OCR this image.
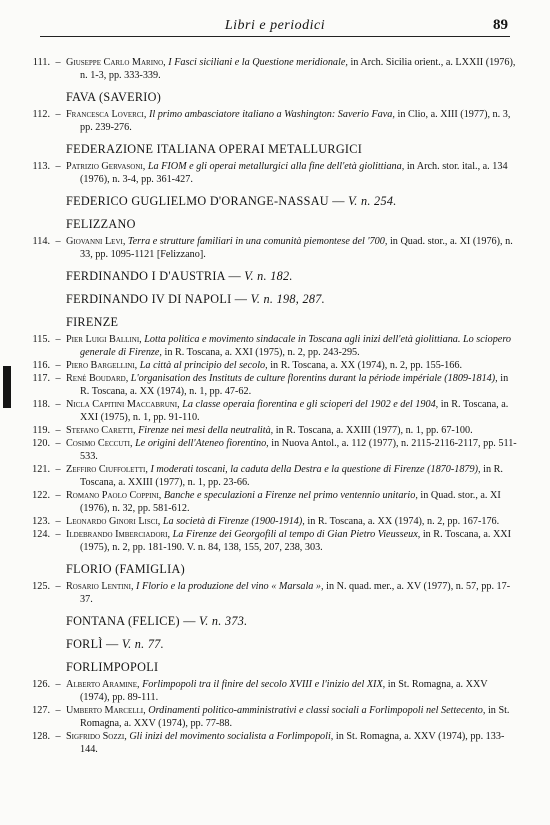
Libri e periodici	89
111. – Giuseppe Carlo Marino, I Fasci siciliani e la Questione meridionale, in Arch. Sicilia orient., a. LXXII (1976), n. 1-3, pp. 333-339.
FAVA (SAVERIO)
112. – Francesca Loverci, Il primo ambasciatore italiano a Washington: Saverio Fava, in Clio, a. XIII (1977), n. 3, pp. 239-276.
FEDERAZIONE ITALIANA OPERAI METALLURGICI
113. – Patrizio Gervasoni, La FIOM e gli operai metallurgici alla fine dell'età giolittiana, in Arch. stor. ital., a. 134 (1976), n. 3-4, pp. 361-427.
FEDERICO GUGLIELMO D'ORANGE-NASSAU — V. n. 254.
FELIZZANO
114. – Giovanni Levi, Terra e strutture familiari in una comunità piemontese del '700, in Quad. stor., a. XI (1976), n. 33, pp. 1095-1121 [Felizzano].
FERDINANDO I D'AUSTRIA — V. n. 182.
FERDINANDO IV DI NAPOLI — V. n. 198, 287.
FIRENZE
115. – Pier Luigi Ballini, Lotta politica e movimento sindacale in Toscana agli inizi dell'età giolittiana. Lo sciopero generale di Firenze, in R. Toscana, a. XXI (1975), n. 2, pp. 243-295.
116. – Piero Bargellini, La città al principio del secolo, in R. Toscana, a. XX (1974), n. 2, pp. 155-166.
117. – René Boudard, L'organisation des Instituts de culture florentins durant la période impériale (1809-1814), in R. Toscana, a. XX (1974), n. 1, pp. 47-62.
118. – Nicla Capitini Maccabruni, La classe operaia fiorentina e gli scioperi del 1902 e del 1904, in R. Toscana, a. XXI (1975), n. 1, pp. 91-110.
119. – Stefano Caretti, Firenze nei mesi della neutralità, in R. Toscana, a. XXIII (1977), n. 1, pp. 67-100.
120. – Cosimo Ceccuti, Le origini dell'Ateneo fiorentino, in Nuova Antol., a. 112 (1977), n. 2115-2116-2117, pp. 511-533.
121. – Zeffiro Ciuffoletti, I moderati toscani, la caduta della Destra e la questione di Firenze (1870-1879), in R. Toscana, a. XXIII (1977), n. 1, pp. 23-66.
122. – Romano Paolo Coppini, Banche e speculazioni a Firenze nel primo ventennio unitario, in Quad. stor., a. XI (1976), n. 32, pp. 581-612.
123. – Leonardo Ginori Lisci, La società di Firenze (1900-1914), in R. Toscana, a. XX (1974), n. 2, pp. 167-176.
124. – Ildebrando Imberciadori, La Firenze dei Georgofili al tempo di Gian Pietro Vieusseux, in R. Toscana, a. XXI (1975), n. 2, pp. 181-190. V. n. 84, 138, 155, 207, 238, 303.
FLORIO (FAMIGLIA)
125. – Rosario Lentini, I Florio e la produzione del vino « Marsala », in N. quad. mer., a. XV (1977), n. 57, pp. 17-37.
FONTANA (FELICE) — V. n. 373.
FORLÌ — V. n. 77.
FORLIMPOPOLI
126. – Alberto Aramine, Forlimpopoli tra il finire del secolo XVIII e l'inizio del XIX, in St. Romagna, a. XXV (1974), pp. 89-111.
127. – Umberto Marcelli, Ordinamenti politico-amministrativi e classi sociali a Forlimpopoli nel Settecento, in St. Romagna, a. XXV (1974), pp. 77-88.
128. – Sigfrido Sozzi, Gli inizi del movimento socialista a Forlimpopoli, in St. Romagna, a. XXV (1974), pp. 133-144.
